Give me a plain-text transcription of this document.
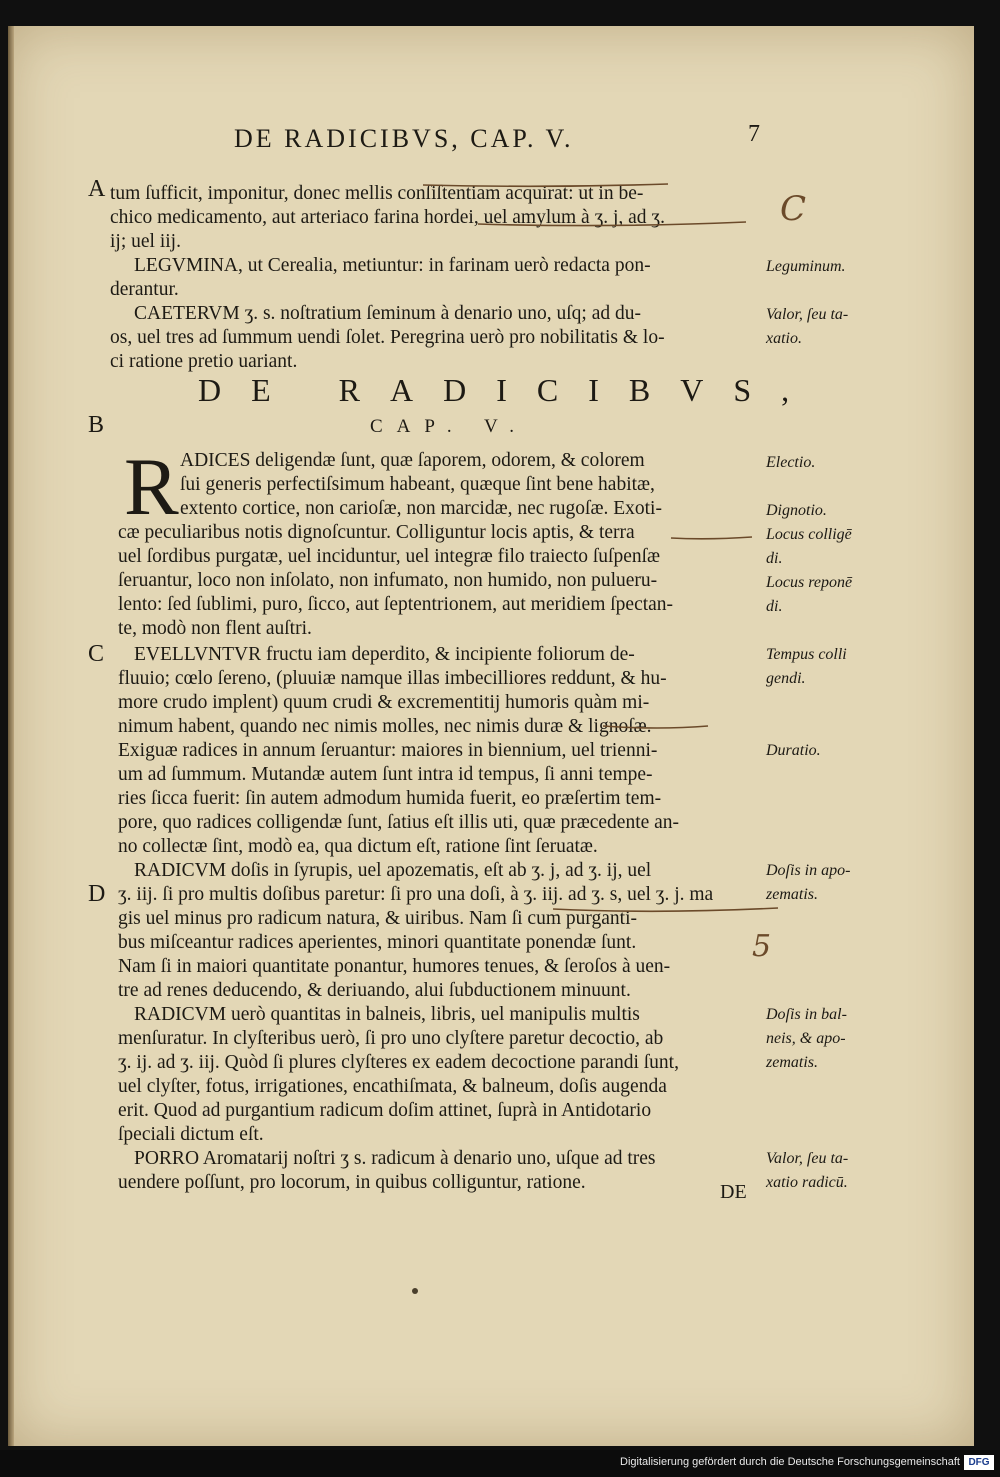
DE RADICIBVS, CAP. V.	7
A
B
C
D
tum ſufficit, imponitur, donec mellis conſiſtentiam acquirat: ut in be-
chico medicamento, aut arteriaco farina hordei, uel amylum à ʒ. j, ad ʒ.
ij; uel iij.
LEGVMINA, ut Cerealia, metiuntur: in farinam uerò redacta pon-
derantur.
CAETERVM ʒ. s. noſtratium ſeminum à denario uno, uſq; ad du-
os, uel tres ad ſummum uendi ſolet. Peregrina uerò pro nobilitatis & lo-
ci ratione pretio uariant.
DE RADICIBVS,
CAP. V.
R ADICES deligendæ ſunt, quæ ſaporem, odorem, & colorem
ſui generis perfectiſsimum habeant, quæque ſint bene habitæ,
extento cortice, non carioſæ, non marcidæ, nec rugoſæ. Exoti-
cæ peculiaribus notis dignoſcuntur. Colliguntur locis aptis, & terra
uel ſordibus purgatæ, uel inciduntur, uel integræ filo traiecto ſuſpenſæ
ſeruantur, loco non inſolato, non infumato, non humido, non pulueru-
lento: ſed ſublimi, puro, ſicco, aut ſeptentrionem, aut meridiem ſpectan-
te, modò non flent auſtri.
EVELLVNTVR fructu iam deperdito, & incipiente foliorum de-
fluuio; cœlo ſereno, (pluuiæ namque illas imbecilliores reddunt, & hu-
more crudo implent) quum crudi & excrementitij humoris quàm mi-
nimum habent, quando nec nimis molles, nec nimis duræ & lignoſæ.
Exiguæ radices in annum ſeruantur: maiores in biennium, uel trienni-
um ad ſummum. Mutandæ autem ſunt intra id tempus, ſi anni tempe-
ries ſicca fuerit: ſin autem admodum humida fuerit, eo præſertim tem-
pore, quo radices colligendæ ſunt, ſatius eſt illis uti, quæ præcedente an-
no collectæ ſint, modò ea, qua dictum eſt, ratione ſint ſeruatæ.
RADICVM doſis in ſyrupis, uel apozematis, eſt ab ʒ. j, ad ʒ. ij, uel
ʒ. iij. ſi pro multis doſibus paretur: ſi pro una doſi, à ʒ. iij. ad ʒ. s, uel ʒ. j. ma
gis uel minus pro radicum natura, & uiribus. Nam ſi cum purganti-
bus miſceantur radices aperientes, minori quantitate ponendæ ſunt.
Nam ſi in maiori quantitate ponantur, humores tenues, & ſeroſos à uen-
tre ad renes deducendo, & deriuando, alui ſubductionem minuunt.
RADICVM uerò quantitas in balneis, libris, uel manipulis multis
menſuratur. In clyſteribus uerò, ſi pro uno clyſtere paretur decoctio, ab
ʒ. ij. ad ʒ. iij. Quòd ſi plures clyſteres ex eadem decoctione parandi ſunt,
uel clyſter, fotus, irrigationes, encathiſmata, & balneum, doſis augenda
erit. Quod ad purgantium radicum doſim attinet, ſuprà in Antidotario
ſpeciali dictum eſt.
PORRO Aromatarij noſtri ʒ s. radicum à denario uno, uſque ad tres
uendere poſſunt, pro locorum, in quibus colliguntur, ratione.
Leguminum.
Valor, ſeu ta-
xatio.
Electio.
Dignotio.
Locus colligē
di.
Locus reponē
di.
Tempus colli
gendi.
Duratio.
Doſis in apo-
zematis.
Doſis in bal-
neis, & apo-
zematis.
Valor, ſeu ta-
xatio radicū.
DE
C
5
Digitalisierung gefördert durch die Deutsche Forschungsgemeinschaft DFG
